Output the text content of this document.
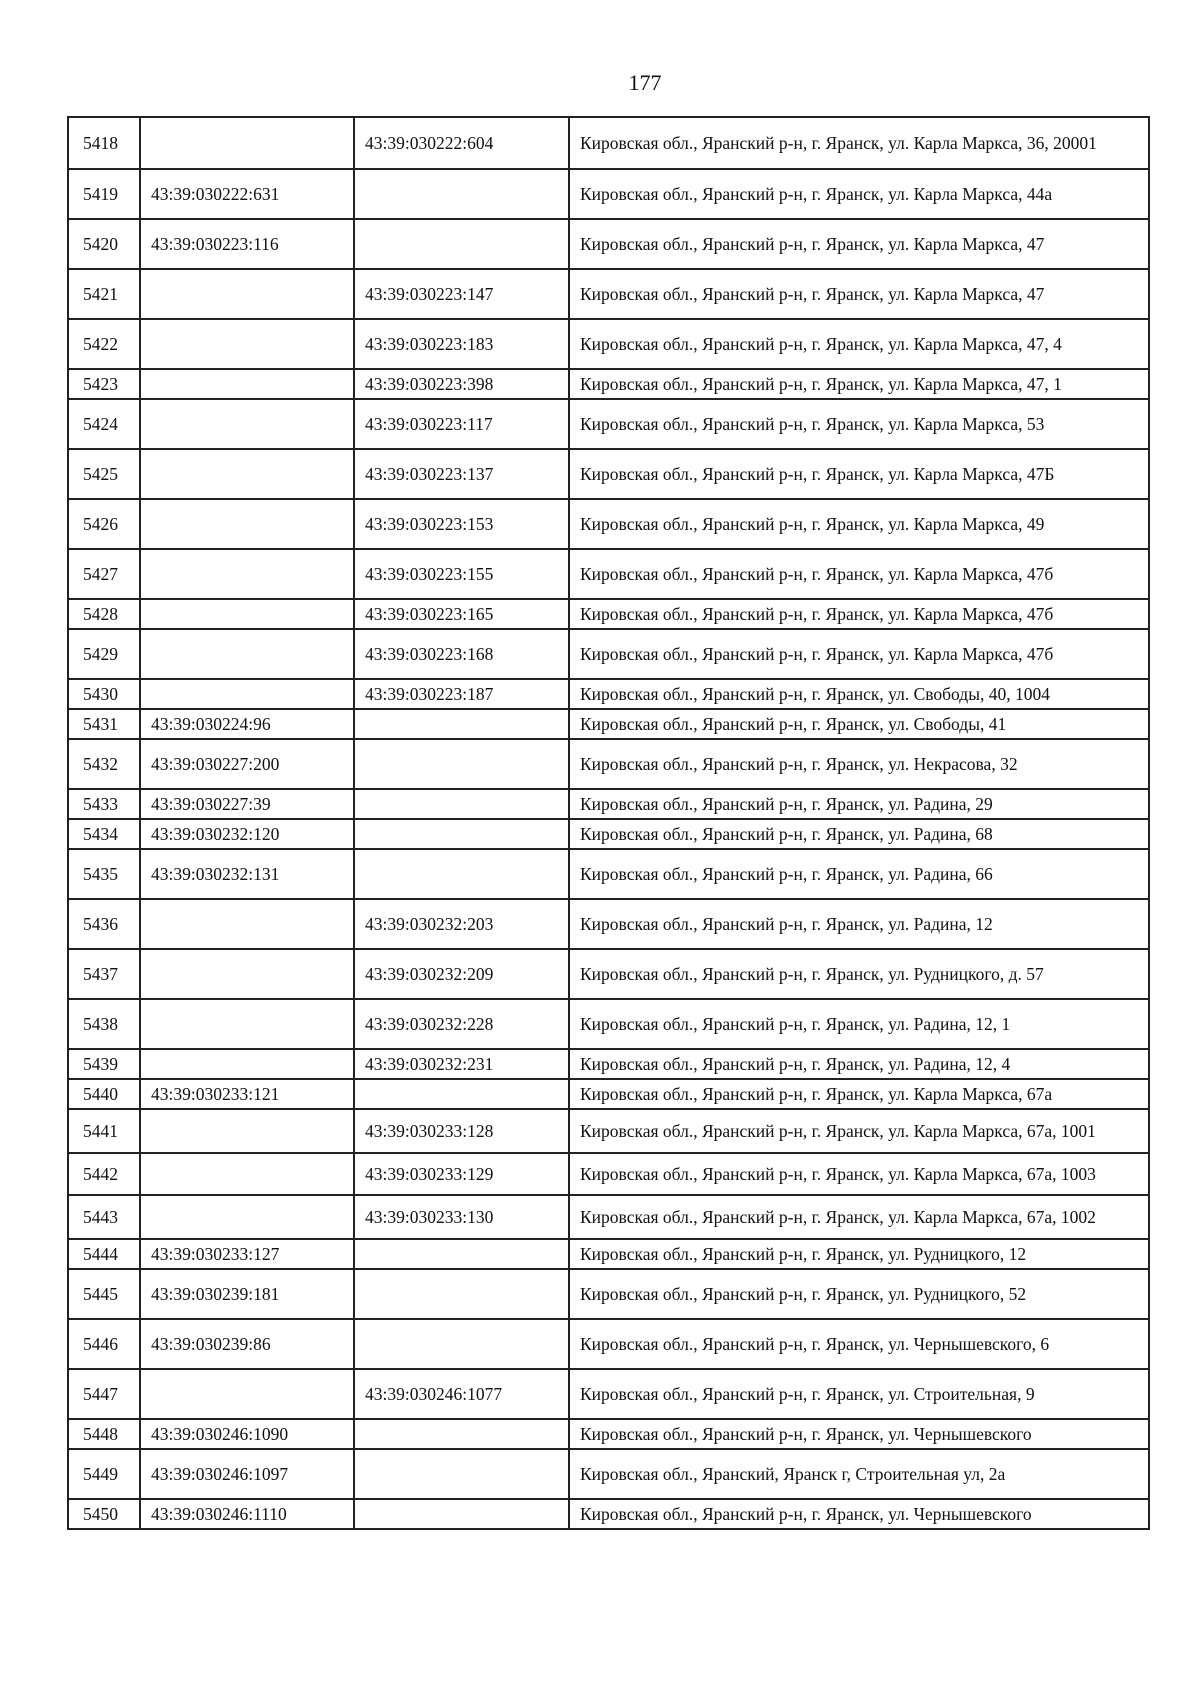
177
5418		43:39:030222:604	Кировская обл., Яранский р-н, г. Яранск, ул. Карла Маркса, 36, 20001
5419	43:39:030222:631		Кировская обл., Яранский р-н, г. Яранск, ул. Карла Маркса, 44а
5420	43:39:030223:116		Кировская обл., Яранский р-н, г. Яранск, ул. Карла Маркса, 47
5421		43:39:030223:147	Кировская обл., Яранский р-н, г. Яранск, ул. Карла Маркса, 47
5422		43:39:030223:183	Кировская обл., Яранский р-н, г. Яранск, ул. Карла Маркса, 47, 4
5423		43:39:030223:398	Кировская обл., Яранский р-н, г. Яранск, ул. Карла Маркса, 47, 1
5424		43:39:030223:117	Кировская обл., Яранский р-н, г. Яранск, ул. Карла Маркса, 53
5425		43:39:030223:137	Кировская обл., Яранский р-н, г. Яранск, ул. Карла Маркса, 47Б
5426		43:39:030223:153	Кировская обл., Яранский р-н, г. Яранск, ул. Карла Маркса, 49
5427		43:39:030223:155	Кировская обл., Яранский р-н, г. Яранск, ул. Карла Маркса, 47б
5428		43:39:030223:165	Кировская обл., Яранский р-н, г. Яранск, ул. Карла Маркса, 47б
5429		43:39:030223:168	Кировская обл., Яранский р-н, г. Яранск, ул. Карла Маркса, 47б
5430		43:39:030223:187	Кировская обл., Яранский р-н, г. Яранск, ул. Свободы, 40, 1004
5431	43:39:030224:96		Кировская обл., Яранский р-н, г. Яранск, ул. Свободы, 41
5432	43:39:030227:200		Кировская обл., Яранский р-н, г. Яранск, ул. Некрасова, 32
5433	43:39:030227:39		Кировская обл., Яранский р-н, г. Яранск, ул. Радина, 29
5434	43:39:030232:120		Кировская обл., Яранский р-н, г. Яранск, ул. Радина, 68
5435	43:39:030232:131		Кировская обл., Яранский р-н, г. Яранск, ул. Радина, 66
5436		43:39:030232:203	Кировская обл., Яранский р-н, г. Яранск, ул. Радина, 12
5437		43:39:030232:209	Кировская обл., Яранский р-н, г. Яранск, ул. Рудницкого, д. 57
5438		43:39:030232:228	Кировская обл., Яранский р-н, г. Яранск, ул. Радина, 12, 1
5439		43:39:030232:231	Кировская обл., Яранский р-н, г. Яранск, ул. Радина, 12, 4
5440	43:39:030233:121		Кировская обл., Яранский р-н, г. Яранск, ул. Карла Маркса, 67а
5441		43:39:030233:128	Кировская обл., Яранский р-н, г. Яранск, ул. Карла Маркса, 67а, 1001
5442		43:39:030233:129	Кировская обл., Яранский р-н, г. Яранск, ул. Карла Маркса, 67а, 1003
5443		43:39:030233:130	Кировская обл., Яранский р-н, г. Яранск, ул. Карла Маркса, 67а, 1002
5444	43:39:030233:127		Кировская обл., Яранский р-н, г. Яранск, ул. Рудницкого, 12
5445	43:39:030239:181		Кировская обл., Яранский р-н, г. Яранск, ул. Рудницкого, 52
5446	43:39:030239:86		Кировская обл., Яранский р-н, г. Яранск, ул. Чернышевского, 6
5447		43:39:030246:1077	Кировская обл., Яранский р-н, г. Яранск, ул. Строительная, 9
5448	43:39:030246:1090		Кировская обл., Яранский р-н, г. Яранск, ул. Чернышевского
5449	43:39:030246:1097		Кировская обл., Яранский, Яранск г, Строительная ул, 2а
5450	43:39:030246:1110		Кировская обл., Яранский р-н, г. Яранск, ул. Чернышевского
